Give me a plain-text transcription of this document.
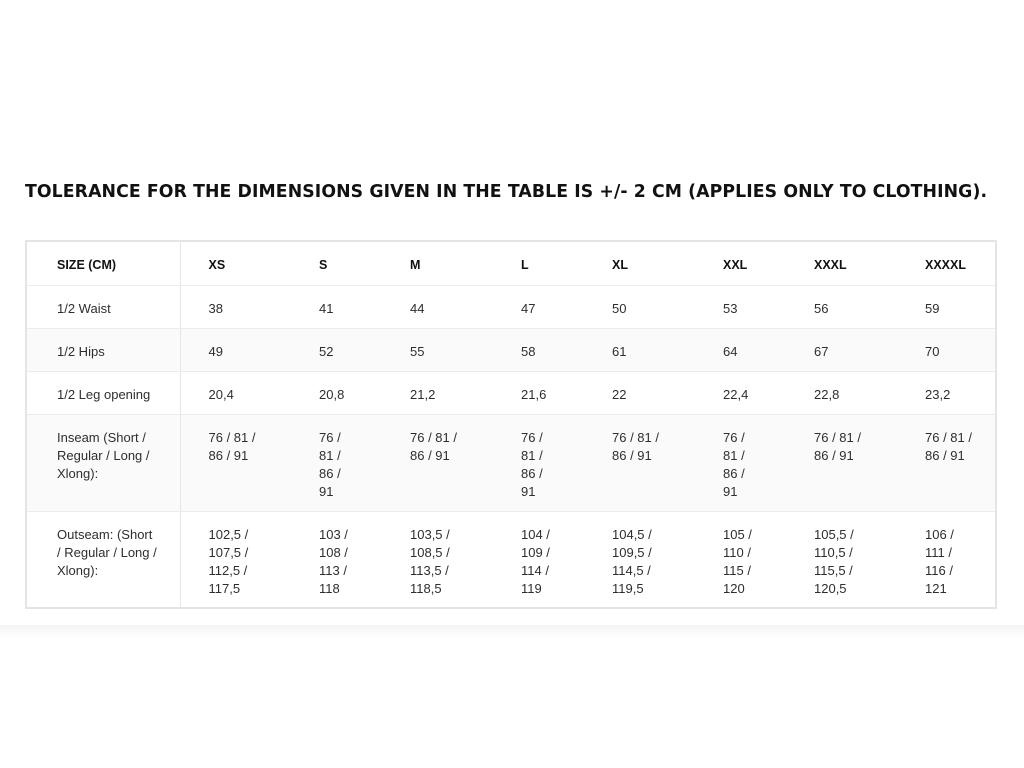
TOLERANCE FOR THE DIMENSIONS GIVEN IN THE TABLE IS +/- 2 CM (APPLIES ONLY TO CLOTHING).
SIZE (CM)	XS	S	M	L	XL	XXL	XXXL	XXXXL
1/2 Waist	38	41	44	47	50	53	56	59
1/2 Hips	49	52	55	58	61	64	67	70
1/2 Leg opening	20,4	20,8	21,2	21,6	22	22,4	22,8	23,2
Inseam (Short / Regular / Long / Xlong):	76 / 81 / 86 / 91	76 / 81 / 86 / 91	76 / 81 / 86 / 91	76 / 81 / 86 / 91	76 / 81 / 86 / 91	76 / 81 / 86 / 91	76 / 81 / 86 / 91	76 / 81 / 86 / 91
Outseam: (Short / Regular / Long / Xlong):	102,5 / 107,5 / 112,5 / 117,5	103 / 108 / 113 / 118	103,5 / 108,5 / 113,5 / 118,5	104 / 109 / 114 / 119	104,5 / 109,5 / 114,5 / 119,5	105 / 110 / 115 / 120	105,5 / 110,5 / 115,5 / 120,5	106 / 111 / 116 / 121
